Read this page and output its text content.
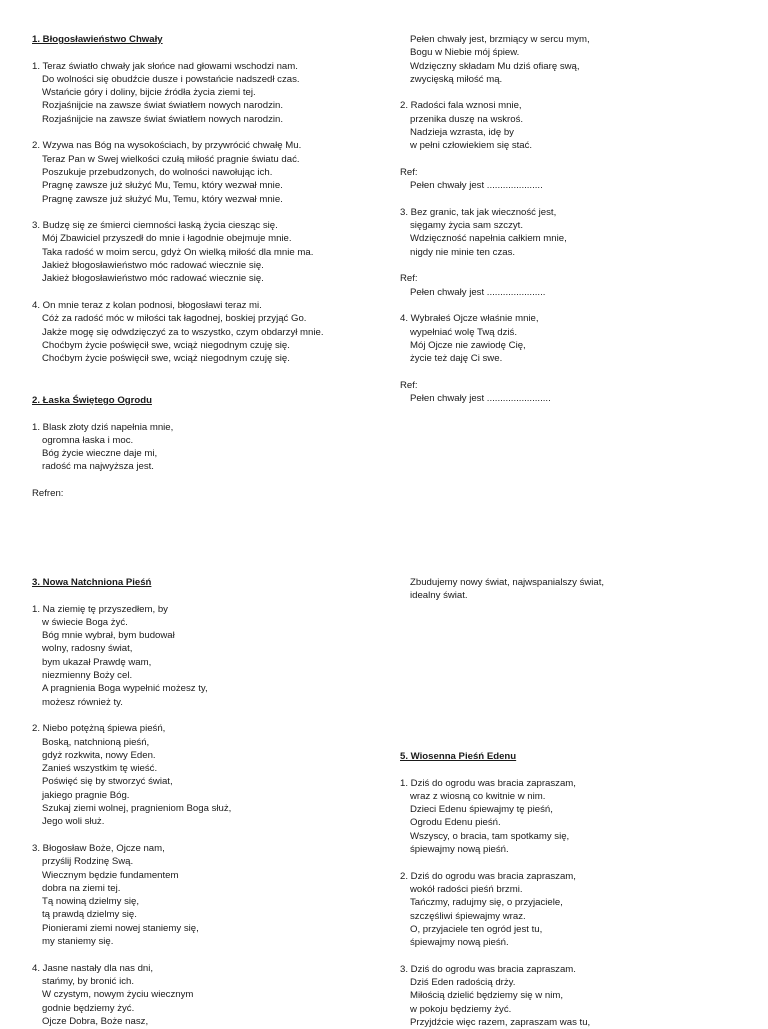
1. Błogosławieństwo Chwały
1. Teraz światło chwały jak słońce nad głowami wschodzi nam.
Do wolności się obudźcie dusze i powstańcie nadszedł czas.
Wstańcie góry i doliny, bijcie źródła życia ziemi tej.
Rozjaśnijcie na zawsze świat światłem nowych narodzin.
Rozjaśnijcie na zawsze świat światłem nowych narodzin.
2. Wzywa nas Bóg na wysokościach, by przywrócić chwałę Mu.
Teraz Pan w Swej wielkości czułą miłość pragnie światu dać.
Poszukuje przebudzonych, do wolności nawołując ich.
Pragnę zawsze już służyć Mu, Temu, który wezwał mnie.
Pragnę zawsze już służyć Mu, Temu, który wezwał mnie.
3. Budzę się ze śmierci ciemności łaską życia ciesząc się.
Mój Zbawiciel przyszedł do mnie i łagodnie obejmuje mnie.
Taka radość w moim sercu, gdyż On wielką miłość dla mnie ma.
Jakież błogosławieństwo móc radować wiecznie się.
Jakież błogosławieństwo móc radować wiecznie się.
4. On mnie teraz z kolan podnosi, błogosławi teraz mi.
Cóż za radość móc w miłości tak łagodnej, boskiej przyjąć Go.
Jakże mogę się odwdzięczyć za to wszystko, czym obdarzył mnie.
Choćbym życie poświęcił swe, wciąż niegodnym czuję się.
Choćbym życie poświęcił swe, wciąż niegodnym czuję się.
2. Łaska Świętego Ogrodu
1. Blask złoty dziś napełnia mnie,
ogromna łaska i moc.
Bóg życie wieczne daje mi,
radość ma najwyższa jest.
Refren:
Pełen chwały jest, brzmiący w sercu mym,
Bogu w Niebie mój śpiew.
Wdzięczny składam Mu dziś ofiarę swą,
zwycięską miłość mą.
2. Radości fala wznosi mnie,
przenika duszę na wskroś.
Nadzieja wzrasta, idę by
w pełni człowiekiem się stać.
Ref:
Pełen chwały jest .....................
3. Bez granic, tak jak wieczność jest,
sięgamy życia sam szczyt.
Wdzięczność napełnia całkiem mnie,
nigdy nie minie ten czas.
Ref:
Pełen chwały jest ......................
4. Wybrałeś Ojcze właśnie mnie,
wypełniać wolę Twą dziś.
Mój Ojcze nie zawiodę Cię,
życie też daję Ci swe.
Ref:
Pełen chwały jest ........................
3. Nowa Natchniona Pieśń
1. Na ziemię tę przyszedłem, by
w świecie Boga żyć.
Bóg mnie wybrał, bym budował
wolny, radosny świat,
bym ukazał Prawdę wam,
niezmienny Boży cel.
A pragnienia Boga wypełnić możesz ty,
możesz również ty.
2. Niebo potężną śpiewa pieśń,
Boską, natchnioną pieśń,
gdyż rozkwita, nowy Eden.
Zanieś wszystkim tę wieść.
Poświęć się by stworzyć świat,
jakiego pragnie Bóg.
Szukaj ziemi wolnej, pragnieniom Boga służ,
Jego woli służ.
3. Błogosław Boże, Ojcze nam,
przyślij Rodzinę Swą.
Wiecznym będzie fundamentem
dobra na ziemi tej.
Tą nowiną dzielmy się,
tą prawdą dzielmy się.
Pionierami ziemi nowej staniemy się,
my staniemy się.
4. Jasne nastały dla nas dni,
stańmy, by bronić ich.
W czystym, nowym życiu wiecznym
godnie będziemy żyć.
Ojcze Dobra, Boże nasz,
Zbudujemy nowy świat, najwspanialszy świat,
idealny świat.
5. Wiosenna Pieśń Edenu
1. Dziś do ogrodu was bracia zapraszam,
wraz z wiosną co kwitnie w nim.
Dzieci Edenu śpiewajmy tę pieśń,
Ogrodu Edenu pieśń.
Wszyscy, o bracia, tam spotkamy się,
śpiewajmy nową pieśń.
2. Dziś do ogrodu was bracia zapraszam,
wokół radości pieśń brzmi.
Tańczmy, radujmy się, o przyjaciele,
szczęśliwi śpiewajmy wraz.
O, przyjaciele ten ogród jest tu,
śpiewajmy nową pieśń.
3. Dziś do ogrodu was bracia zapraszam.
Dziś Eden radością drży.
Miłością dzielić będziemy się w nim,
w pokoju będziemy żyć.
Przyjdźcie więc razem, zapraszam was tu,
